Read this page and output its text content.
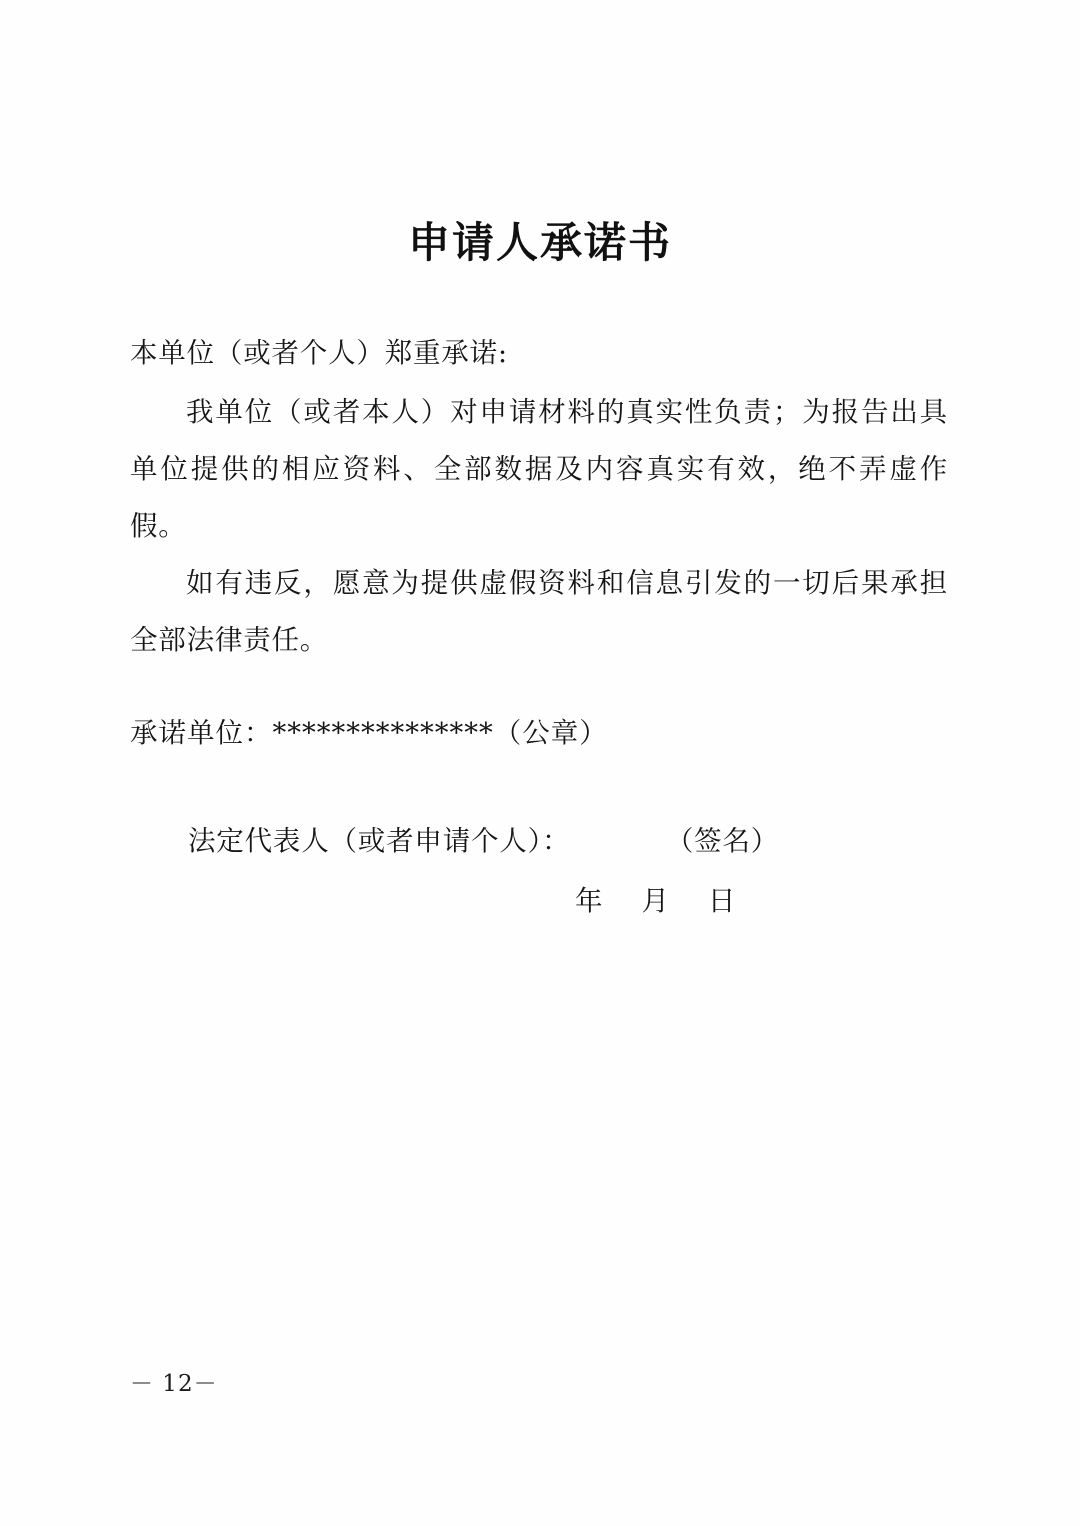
申请人承诺书

本单位（或者个人）郑重承诺:

我单位（或者本人）对申请材料的真实性负责；为报告出具单位提供的相应资料、全部数据及内容真实有效，绝不弄虚作假。

如有违反，愿意为提供虚假资料和信息引发的一切后果承担全部法律责任。

承诺单位：***************（公章）

法定代表人（或者申请个人）：          （签名）
年    月    日
－ 12－
